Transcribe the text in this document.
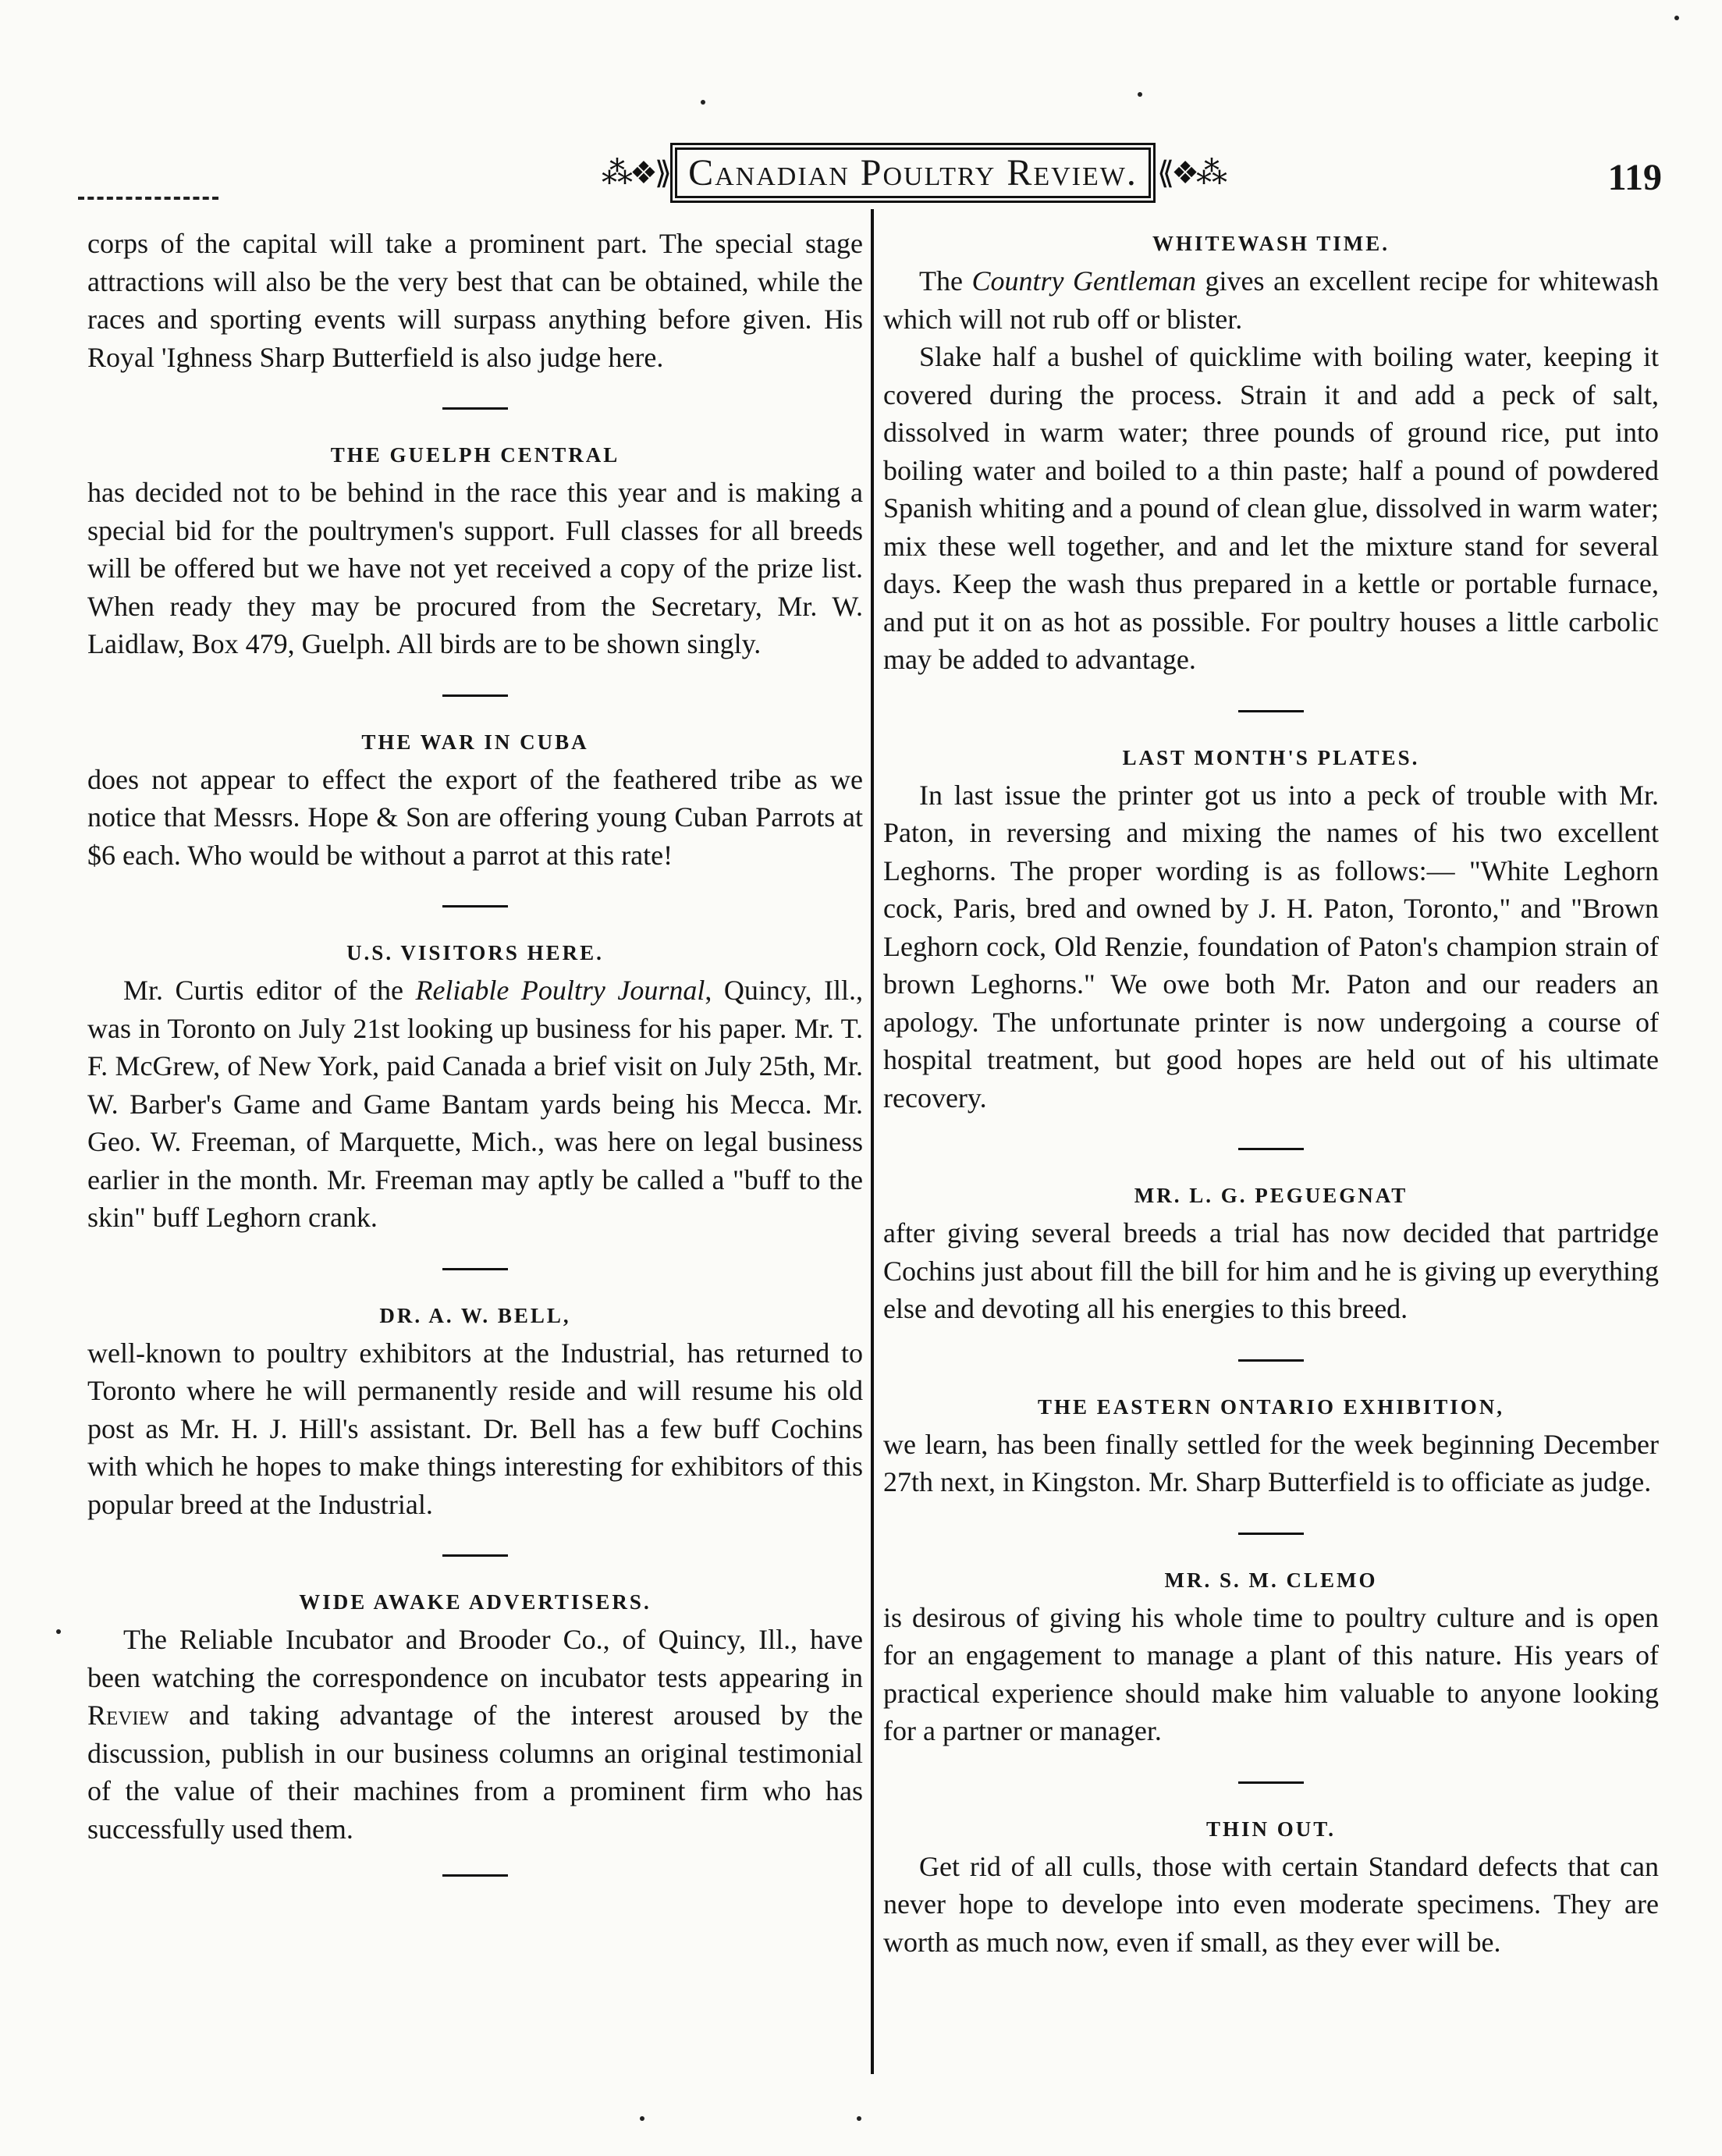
⁂❖⟫ Canadian Poultry Review. ⟪❖⁂	119

corps of the capital will take a prominent part. The special stage attractions will also be the very best that can be obtained, while the races and sporting events will surpass anything before given. His Royal 'Ighness Sharp Butterfield is also judge here.

THE GUELPH CENTRAL

has decided not to be behind in the race this year and is making a special bid for the poultrymen's support. Full classes for all breeds will be offered but we have not yet received a copy of the prize list. When ready they may be procured from the Secretary, Mr. W. Laidlaw, Box 479, Guelph. All birds are to be shown singly.

THE WAR IN CUBA

does not appear to effect the export of the feathered tribe as we notice that Messrs. Hope & Son are offering young Cuban Parrots at $6 each. Who would be without a parrot at this rate!

U.S. VISITORS HERE.

Mr. Curtis editor of the Reliable Poultry Journal, Quincy, Ill., was in Toronto on July 21st looking up business for his paper. Mr. T. F. McGrew, of New York, paid Canada a brief visit on July 25th, Mr. W. Barber's Game and Game Bantam yards being his Mecca. Mr. Geo. W. Freeman, of Marquette, Mich., was here on legal business earlier in the month. Mr. Freeman may aptly be called a "buff to the skin" buff Leghorn crank.

DR. A. W. BELL,

well-known to poultry exhibitors at the Industrial, has returned to Toronto where he will permanently reside and will resume his old post as Mr. H. J. Hill's assistant. Dr. Bell has a few buff Cochins with which he hopes to make things interesting for exhibitors of this popular breed at the Industrial.

WIDE AWAKE ADVERTISERS.

The Reliable Incubator and Brooder Co., of Quincy, Ill., have been watching the correspondence on incubator tests appearing in Review and taking advantage of the interest aroused by the discussion, publish in our business columns an original testimonial of the value of their machines from a prominent firm who has successfully used them.

WHITEWASH TIME.

The Country Gentleman gives an excellent recipe for whitewash which will not rub off or blister.

Slake half a bushel of quicklime with boiling water, keeping it covered during the process. Strain it and add a peck of salt, dissolved in warm water; three pounds of ground rice, put into boiling water and boiled to a thin paste; half a pound of powdered Spanish whiting and a pound of clean glue, dissolved in warm water; mix these well together, and and let the mixture stand for several days. Keep the wash thus prepared in a kettle or portable furnace, and put it on as hot as possible. For poultry houses a little carbolic may be added to advantage.

LAST MONTH'S PLATES.

In last issue the printer got us into a peck of trouble with Mr. Paton, in reversing and mixing the names of his two excellent Leghorns. The proper wording is as follows:— "White Leghorn cock, Paris, bred and owned by J. H. Paton, Toronto," and "Brown Leghorn cock, Old Renzie, foundation of Paton's champion strain of brown Leghorns." We owe both Mr. Paton and our readers an apology. The unfortunate printer is now undergoing a course of hospital treatment, but good hopes are held out of his ultimate recovery.

MR. L. G. PEGUEGNAT

after giving several breeds a trial has now decided that partridge Cochins just about fill the bill for him and he is giving up everything else and devoting all his energies to this breed.

THE EASTERN ONTARIO EXHIBITION,

we learn, has been finally settled for the week beginning December 27th next, in Kingston. Mr. Sharp Butterfield is to officiate as judge.

MR. S. M. CLEMO

is desirous of giving his whole time to poultry culture and is open for an engagement to manage a plant of this nature. His years of practical experience should make him valuable to anyone looking for a partner or manager.

THIN OUT.

Get rid of all culls, those with certain Standard defects that can never hope to develope into even moderate specimens. They are worth as much now, even if small, as they ever will be.
